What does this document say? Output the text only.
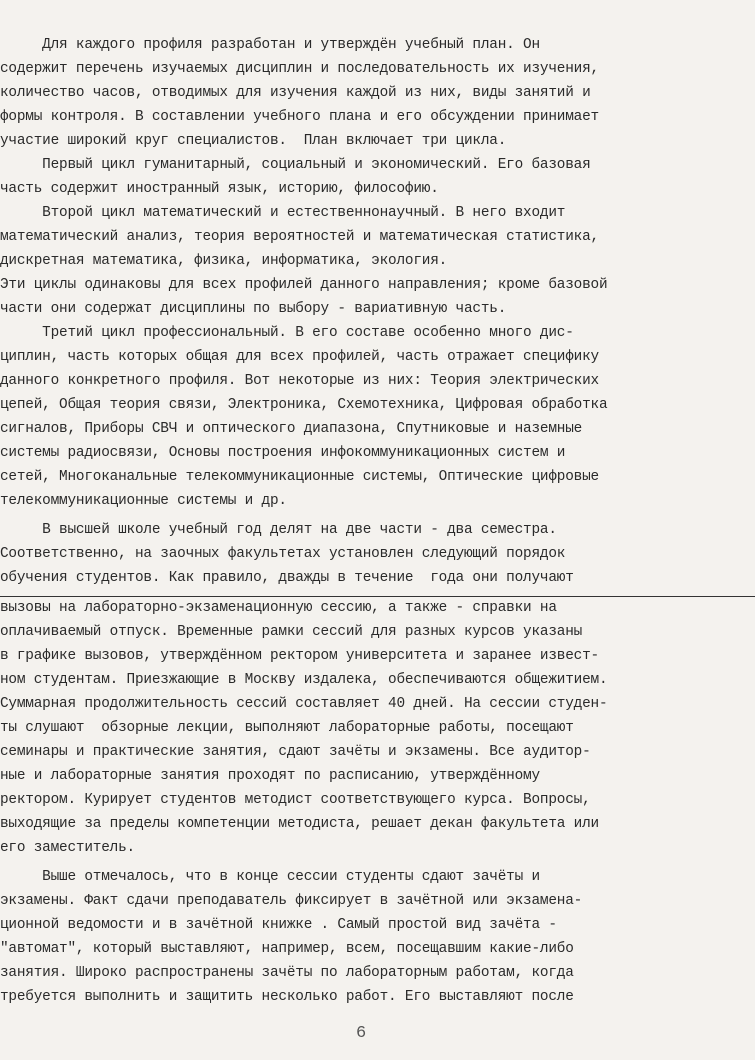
Для каждого профиля разработан и утверждён учебный план. Он
содержит перечень изучаемых дисциплин и последовательность их изучения,
количество часов, отводимых для изучения каждой из них, виды занятий и
формы контроля. В составлении учебного плана и его обсуждении принимает
участие широкий круг специалистов.  План включает три цикла.
Первый цикл гуманитарный, социальный и экономический. Его базовая
часть содержит иностранный язык, историю, философию.
Второй цикл математический и естественнонаучный. В него входит
математический анализ, теория вероятностей и математическая статистика,
дискретная математика, физика, информатика, экология.
Эти циклы одинаковы для всех профилей данного направления; кроме базовой
части они содержат дисциплины по выбору - вариативную часть.
Третий цикл профессиональный. В его составе особенно много дис-
циплин, часть которых общая для всех профилей, часть отражает специфику
данного конкретного профиля. Вот некоторые из них: Теория электрических
цепей, Общая теория связи, Электроника, Схемотехника, Цифровая обработка
сигналов, Приборы СВЧ и оптического диапазона, Спутниковые и наземные
системы радиосвязи, Основы построения инфокоммуникационных систем и
сетей, Многоканальные телекоммуникационные системы, Оптические цифровые
телекоммуникационные системы и др.
В высшей школе учебный год делят на две части - два семестра.
Соответственно, на заочных факультетах установлен следующий порядок
обучения студентов. Как правило, дважды в течение  года они получают
вызовы на лабораторно-экзаменационную сессию, а также - справки на
оплачиваемый отпуск. Временные рамки сессий для разных курсов указаны
в графике вызовов, утверждённом ректором университета и заранее извест-
ном студентам. Приезжающие в Москву издалека, обеспечиваются общежитием.
Суммарная продолжительность сессий составляет 40 дней. На сессии студен-
ты слушают  обзорные лекции, выполняют лабораторные работы, посещают
семинары и практические занятия, сдают зачёты и экзамены. Все аудитор-
ные и лабораторные занятия проходят по расписанию, утверждённому
ректором. Курирует студентов методист соответствующего курса. Вопросы,
выходящие за пределы компетенции методиста, решает декан факультета или
его заместитель.
Выше отмечалось, что в конце сессии студенты сдают зачёты и
экзамены. Факт сдачи преподаватель фиксирует в зачётной или экзамена-
ционной ведомости и в зачётной книжке . Самый простой вид зачёта -
"автомат", который выставляют, например, всем, посещавшим какие-либо
занятия. Широко распространены зачёты по лабораторным работам, когда
требуется выполнить и защитить несколько работ. Его выставляют после
6
